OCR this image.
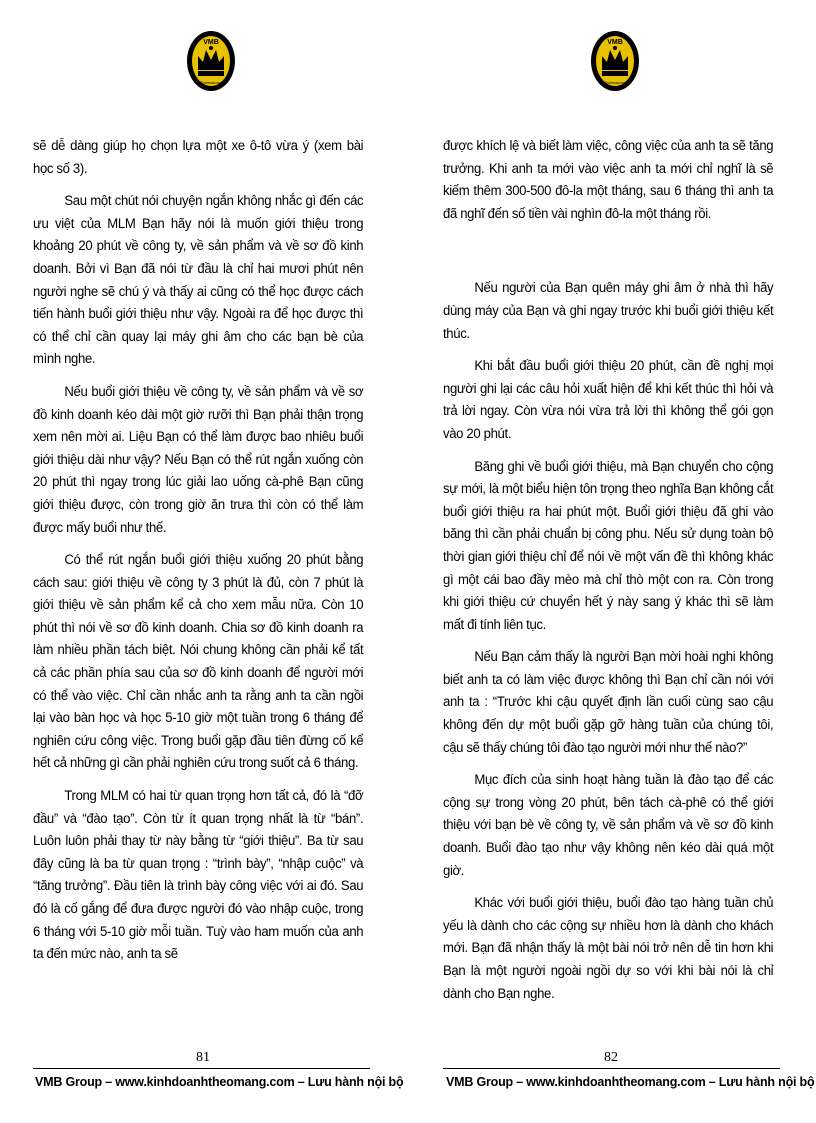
VMB
Professional
VMB
Professional

sẽ dễ dàng giúp họ chọn lựa một xe ô-tô vừa ý (xem bài học số 3).

Sau một chút nói chuyện ngắn không nhắc gì đến các ưu việt của MLM Bạn hãy nói là muốn giới thiệu trong khoảng 20 phút về công ty, về sản phẩm và về sơ đồ kinh doanh. Bởi vì Bạn đã nói từ đầu là chỉ hai mươi phút nên người nghe sẽ chú ý và thấy ai cũng có thể học được cách tiến hành buổi giới thiệu như vậy. Ngoài ra để học được thì có thể chỉ cần quay lại máy ghi âm cho các bạn bè của mình nghe.

Nếu buổi giới thiệu về công ty, về sản phẩm và về sơ đồ kinh doanh kéo dài một giờ rưỡi thì Bạn phải thận trọng xem nên mời ai. Liệu Bạn có thể làm được bao nhiêu buổi giới thiệu dài như vậy? Nếu Bạn có thể rút ngắn xuống còn 20 phút thì ngay trong lúc giải lao uống cà-phê Bạn cũng giới thiệu được, còn trong giờ ăn trưa thì còn có thể làm được mấy buổi như thế.

Có thể rút ngắn buổi giới thiệu xuống 20 phút bằng cách sau: giới thiệu về công ty 3 phút là đủ, còn 7 phút là giới thiệu về sản phẩm kể cả cho xem mẫu nữa. Còn 10 phút thì nói về sơ đồ kinh doanh. Chia sơ đồ kinh doanh ra làm nhiều phần tách biệt. Nói chung không cần phải kể tất cả các phần phía sau của sơ đồ kinh doanh để người mới có thể vào việc. Chỉ cần nhắc anh ta rằng anh ta cần ngồi lại vào bàn học và học 5-10 giờ một tuần trong 6 tháng để nghiên cứu công việc. Trong buổi gặp đầu tiên đừng cố kể hết cả những gì cần phải nghiên cứu trong suốt cả 6 tháng.

Trong MLM có hai từ quan trọng hơn tất cả, đó là “đỡ đầu” và “đào tạo”. Còn từ ít quan trọng nhất là từ “bán”. Luôn luôn phải thay từ này bằng từ “giới thiệu”. Ba từ sau đây cũng là ba từ quan trọng : “trình bày”, “nhập cuộc” và “tăng trưởng”. Đầu tiên là trình bày công việc với ai đó. Sau đó là cố gắng để đưa được người đó vào nhập cuộc, trong 6 tháng với 5-10 giờ mỗi tuần. Tuỳ vào ham muốn của anh ta đến mức nào, anh ta sẽ

được khích lệ và biết làm việc, công việc của anh ta sẽ tăng trưởng. Khi anh ta mới vào việc anh ta mới chỉ nghĩ là sẽ kiếm thêm 300-500 đô-la một tháng, sau 6 tháng thì anh ta đã nghĩ đến số tiền vài nghìn đô-la một tháng rồi.

Nếu người của Bạn quên máy ghi âm ở nhà thì hãy dùng máy của Bạn và ghi ngay trước khi buổi giới thiệu kết thúc.

Khi bắt đầu buổi giới thiệu 20 phút, cần đề nghị mọi người ghi lại các câu hỏi xuất hiện để khi kết thúc thì hỏi và trả lời ngay. Còn vừa nói vừa trả lời thì không thể gói gọn vào 20 phút.

Băng ghi về buổi giới thiệu, mà Bạn chuyển cho cộng sự mới, là một biểu hiện tôn trọng theo nghĩa Bạn không cắt buổi giới thiệu ra hai phút một. Buổi giới thiệu đã ghi vào băng thì cần phải chuẩn bị công phu. Nếu sử dụng toàn bộ thời gian giới thiệu chỉ để nói về một vấn đề thì không khác gì một cái bao đầy mèo mà chỉ thò một con ra. Còn trong khi giới thiệu cứ chuyển hết ý này sang ý khác thì sẽ làm mất đi tính liên tục.

Nếu Bạn cảm thấy là người Bạn mời hoài nghi không biết anh ta có làm việc được không thì Bạn chỉ cần nói với anh ta : “Trước khi cậu quyết định lần cuối cùng sao cậu không đến dự một buổi gặp gỡ hàng tuần của chúng tôi, cậu sẽ thấy chúng tôi đào tạo người mới như thế nào?”

Mục đích của sinh hoạt hàng tuần là đào tạo để các cộng sự trong vòng 20 phút, bên tách cà-phê có thể giới thiệu với bạn bè về công ty, về sản phẩm và về sơ đồ kinh doanh. Buổi đào tạo như vậy không nên kéo dài quá một giờ.

Khác với buổi giới thiệu, buổi đào tạo hàng tuần chủ yếu là dành cho các cộng sự nhiều hơn là dành cho khách mới. Bạn đã nhận thấy là một bài nói trở nên dễ tin hơn khi Bạn là một người ngoài ngồi dự so với khi bài nói là chỉ dành cho Bạn nghe.

81
VMB Group – www.kinhdoanhtheomang.com – Lưu hành nội bộ
82
VMB Group – www.kinhdoanhtheomang.com – Lưu hành nội bộ
